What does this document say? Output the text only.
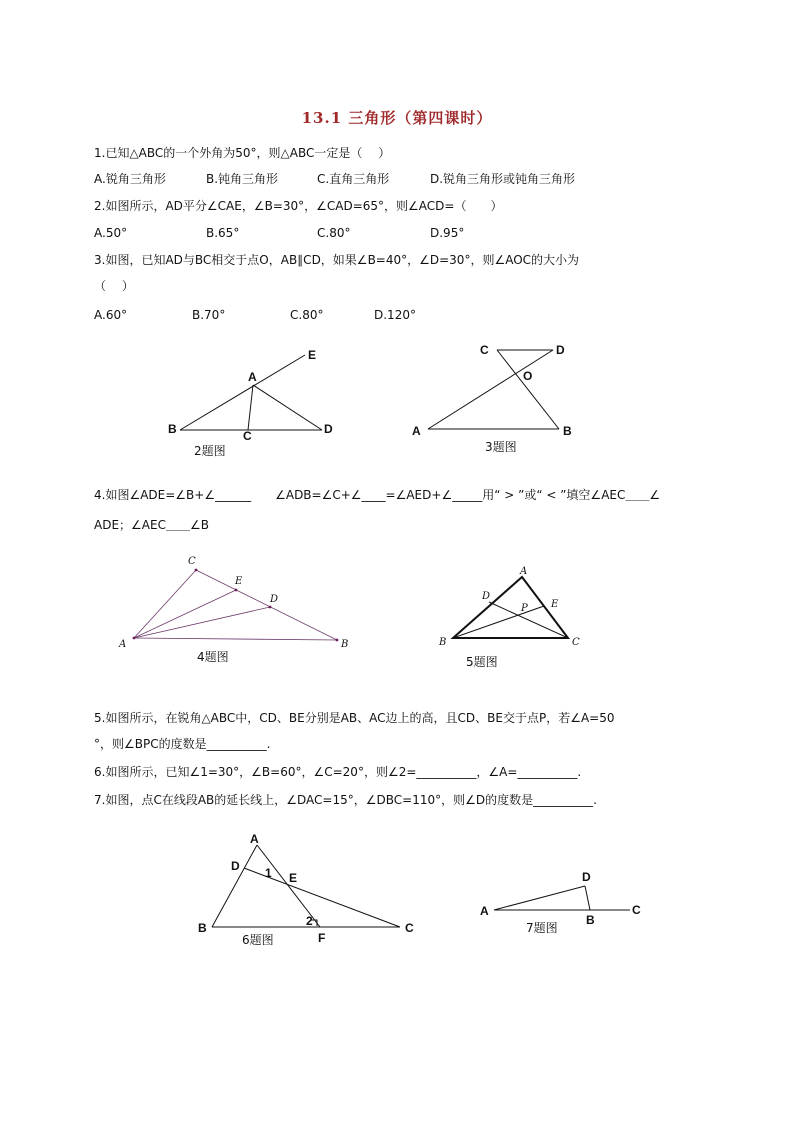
13.1 三角形（第四课时）
1.已知△ABC的一个外角为50°，则△ABC一定是（　 ）
A.锐角三角形	B.钝角三角形	C.直角三角形	D.锐角三角形或钝角三角形
2.如图所示，AD平分∠CAE，∠B=30°，∠CAD=65°，则∠ACD=（　　）
A.50°	B.65°	C.80°	D.95°
3.如图，已知AD与BC相交于点O，AB∥CD，如果∠B=40°，∠D=30°，则∠AOC的大小为
（　 ）
A.60°	B.70°	C.80°	D.120°
E
A
B	C	D
2题图
C	D
O
A	B
3题图
4.如图∠ADE=∠B+∠______　　∠ADB=∠C+∠____=∠AED+∠_____用“ > ”或“ < ”填空∠AEC＿＿∠
ADE；∠AEC＿＿∠B
C
E
D
A	B
4题图
A
D
E
P
B	C
5题图
5.如图所示，在锐角△ABC中，CD、BE分别是AB、AC边上的高，且CD、BE交于点P，若∠A=50
°，则∠BPC的度数是__________.
6.如图所示，已知∠1=30°，∠B=60°，∠C=20°，则∠2=__________，∠A=__________.
7.如图，点C在线段AB的延长线上，∠DAC=15°，∠DBC=110°，则∠D的度数是__________.
A
D 1 E
B	2
F
C
6题图
D
A
B
C
7题图
